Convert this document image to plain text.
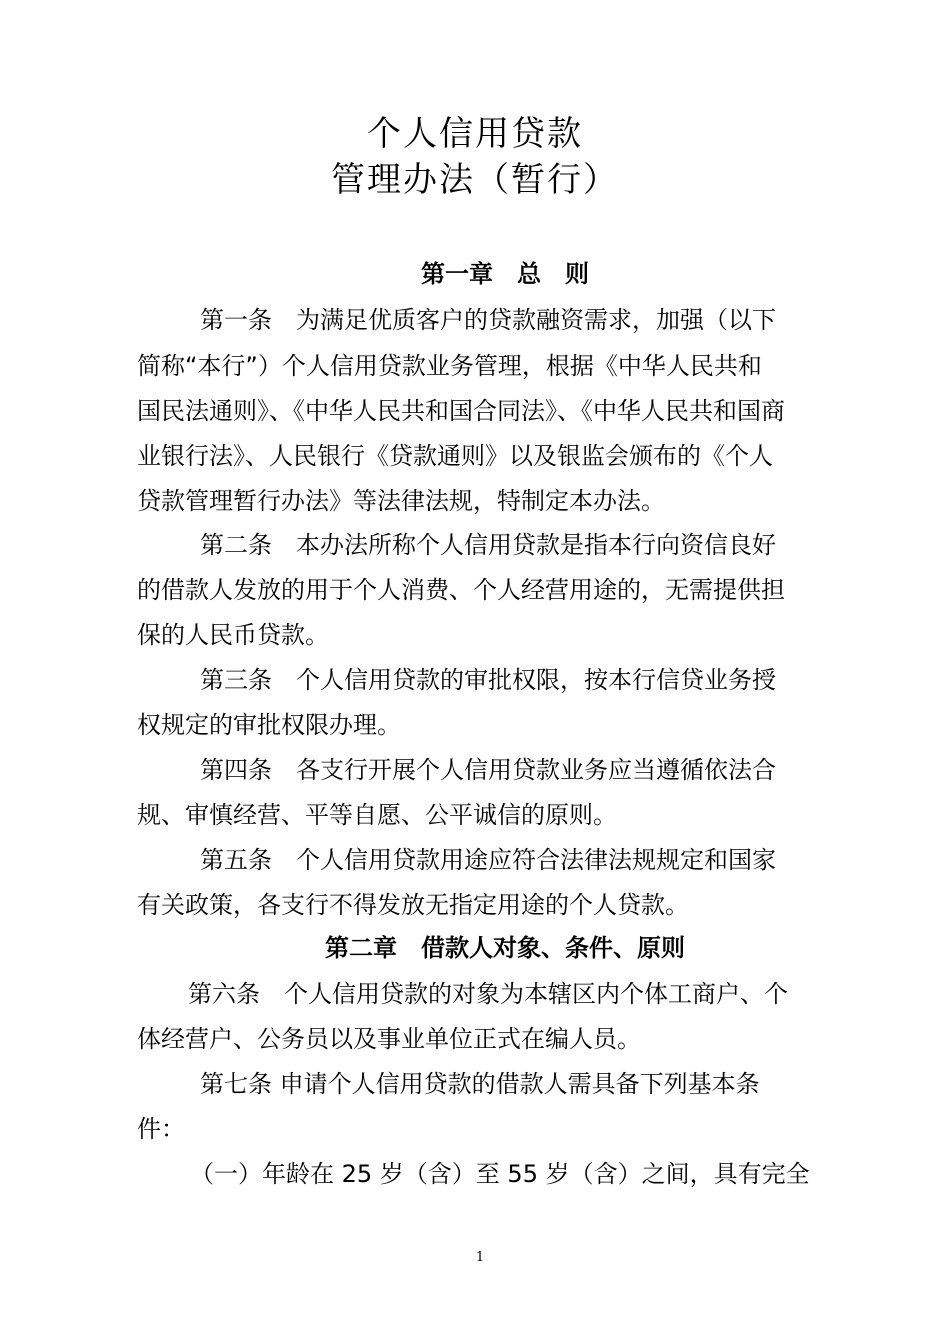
个人信用贷款
管理办法（暂行）
第一章　总　则
第一条　为满足优质客户的贷款融资需求，加强（以下
简称“本行”）个人信用贷款业务管理，根据《中华人民共和
国民法通则》、《中华人民共和国合同法》、《中华人民共和国商
业银行法》、人民银行《贷款通则》以及银监会颁布的《个人
贷款管理暂行办法》等法律法规，特制定本办法。
第二条　本办法所称个人信用贷款是指本行向资信良好
的借款人发放的用于个人消费、个人经营用途的，无需提供担
保的人民币贷款。
第三条　个人信用贷款的审批权限，按本行信贷业务授
权规定的审批权限办理。
第四条　各支行开展个人信用贷款业务应当遵循依法合
规、审慎经营、平等自愿、公平诚信的原则。
第五条　个人信用贷款用途应符合法律法规规定和国家
有关政策，各支行不得发放无指定用途的个人贷款。
第二章　借款人对象、条件、原则
第六条　个人信用贷款的对象为本辖区内个体工商户、个
体经营户、公务员以及事业单位正式在编人员。
第七条 申请个人信用贷款的借款人需具备下列基本条
件：
（一）年龄在 25 岁（含）至 55 岁（含）之间，具有完全
1
